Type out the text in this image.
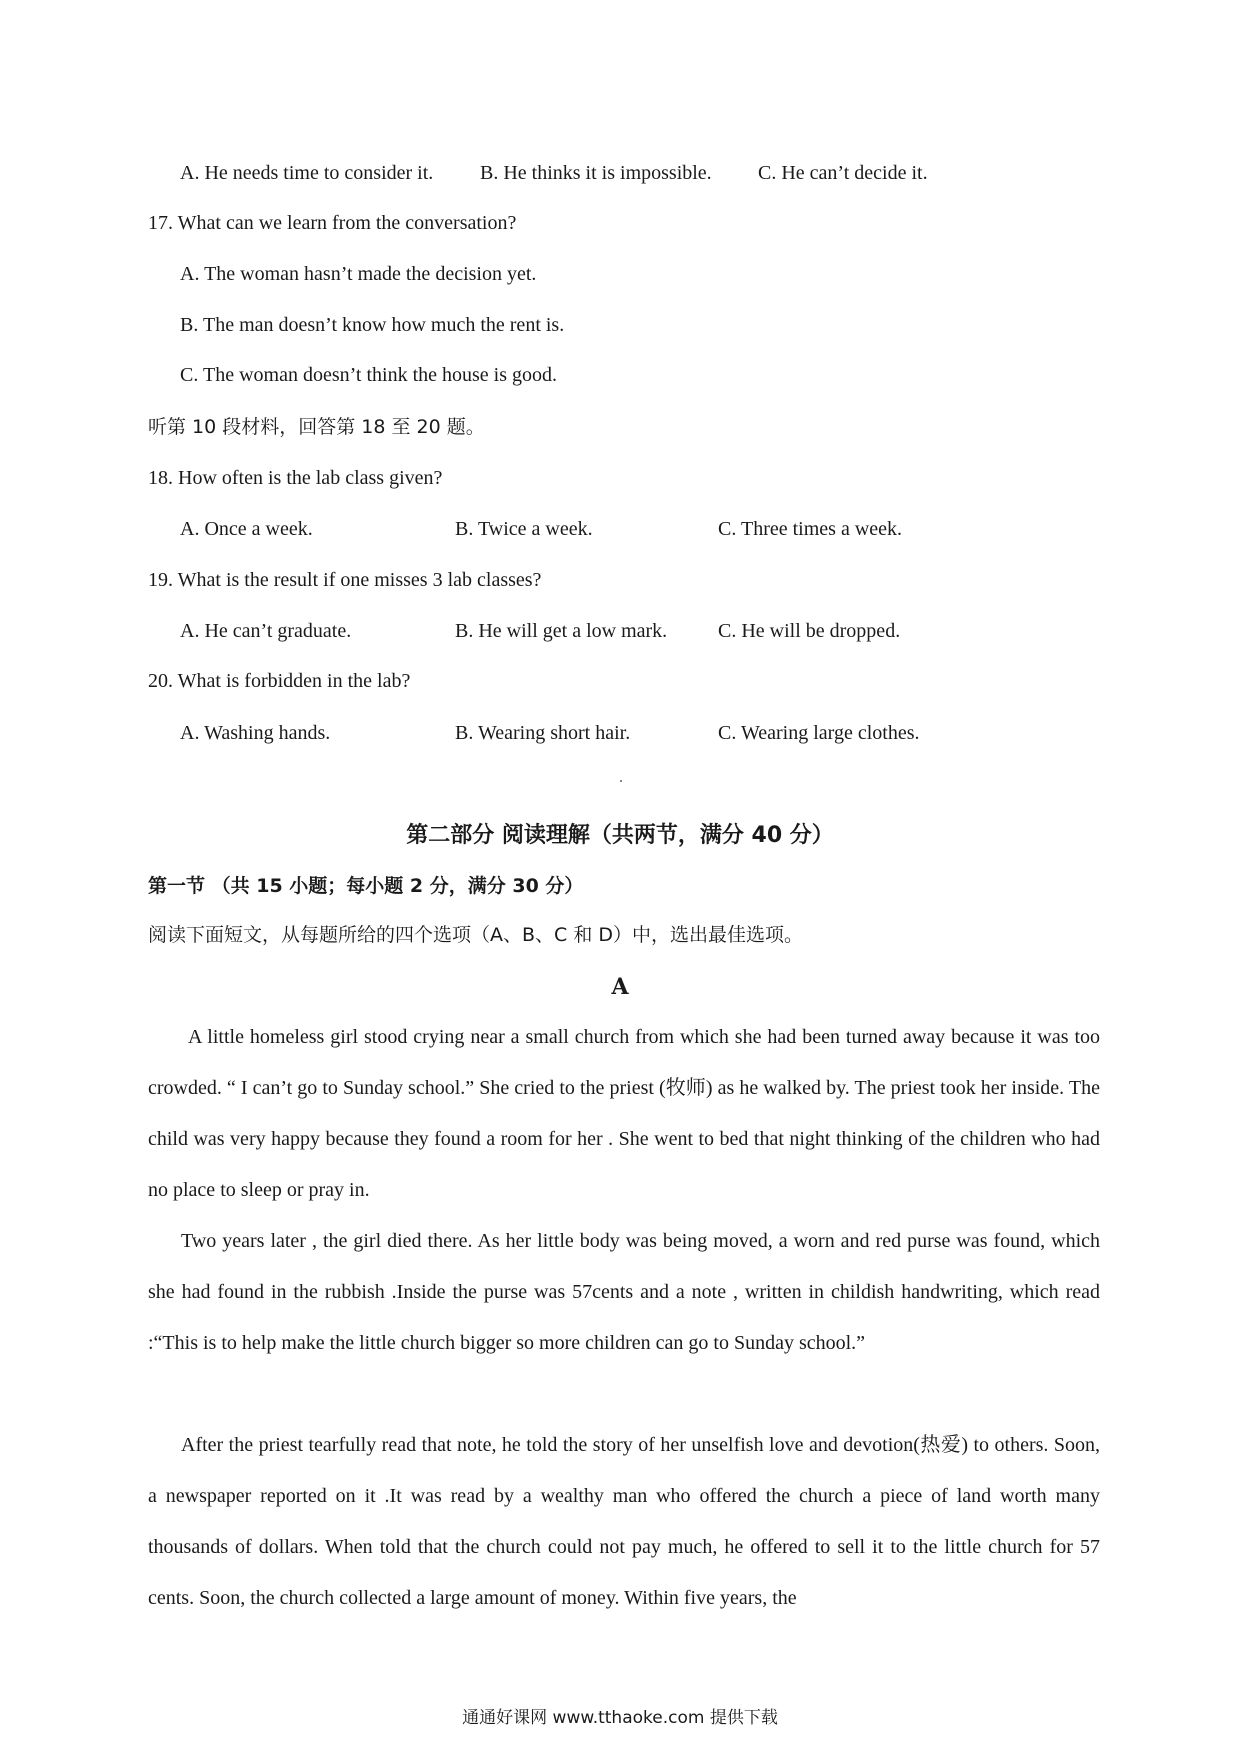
A. He needs time to consider it. B. He thinks it is impossible. C. He can’t decide it.
17. What can we learn from the conversation?
A. The woman hasn’t made the decision yet.
B. The man doesn’t know how much the rent is.
C. The woman doesn’t think the house is good.
听第 10 段材料，回答第 18 至 20 题。
18. How often is the lab class given?
A. Once a week.	B. Twice a week.	C. Three times a week.
19. What is the result if one misses 3 lab classes?
A. He can’t graduate.	B. He will get a low mark.	C. He will be dropped.
20. What is forbidden in the lab?
A. Washing hands.	B. Wearing short hair.	C. Wearing large clothes.
第二部分 阅读理解（共两节，满分 40 分）
第一节 （共 15 小题；每小题 2 分，满分 30 分）
阅读下面短文，从每题所给的四个选项（A、B、C 和 D）中，选出最佳选项。
A
A little homeless girl stood crying near a small church from which she had been turned away because it was too crowded. “ I can’t go to Sunday school.” She cried to the priest (牧师) as he walked by. The priest took her inside. The child was very happy because they found a room for her . She went to bed that night thinking of the children who had no place to sleep or pray in.
Two years later , the girl died there. As her little body was being moved, a worn and red purse was found, which she had found in the rubbish .Inside the purse was 57cents and a note , written in childish handwriting, which read :“This is to help make the little church bigger so more children can go to Sunday school.”
After the priest tearfully read that note, he told the story of her unselfish love and devotion(热爱) to others. Soon, a newspaper reported on it .It was read by a wealthy man who offered the church a piece of land worth many thousands of dollars. When told that the church could not pay much, he offered to sell it to the little church for 57 cents. Soon, the church collected a large amount of money. Within five years, the
通通好课网 www.tthaoke.com 提供下载
